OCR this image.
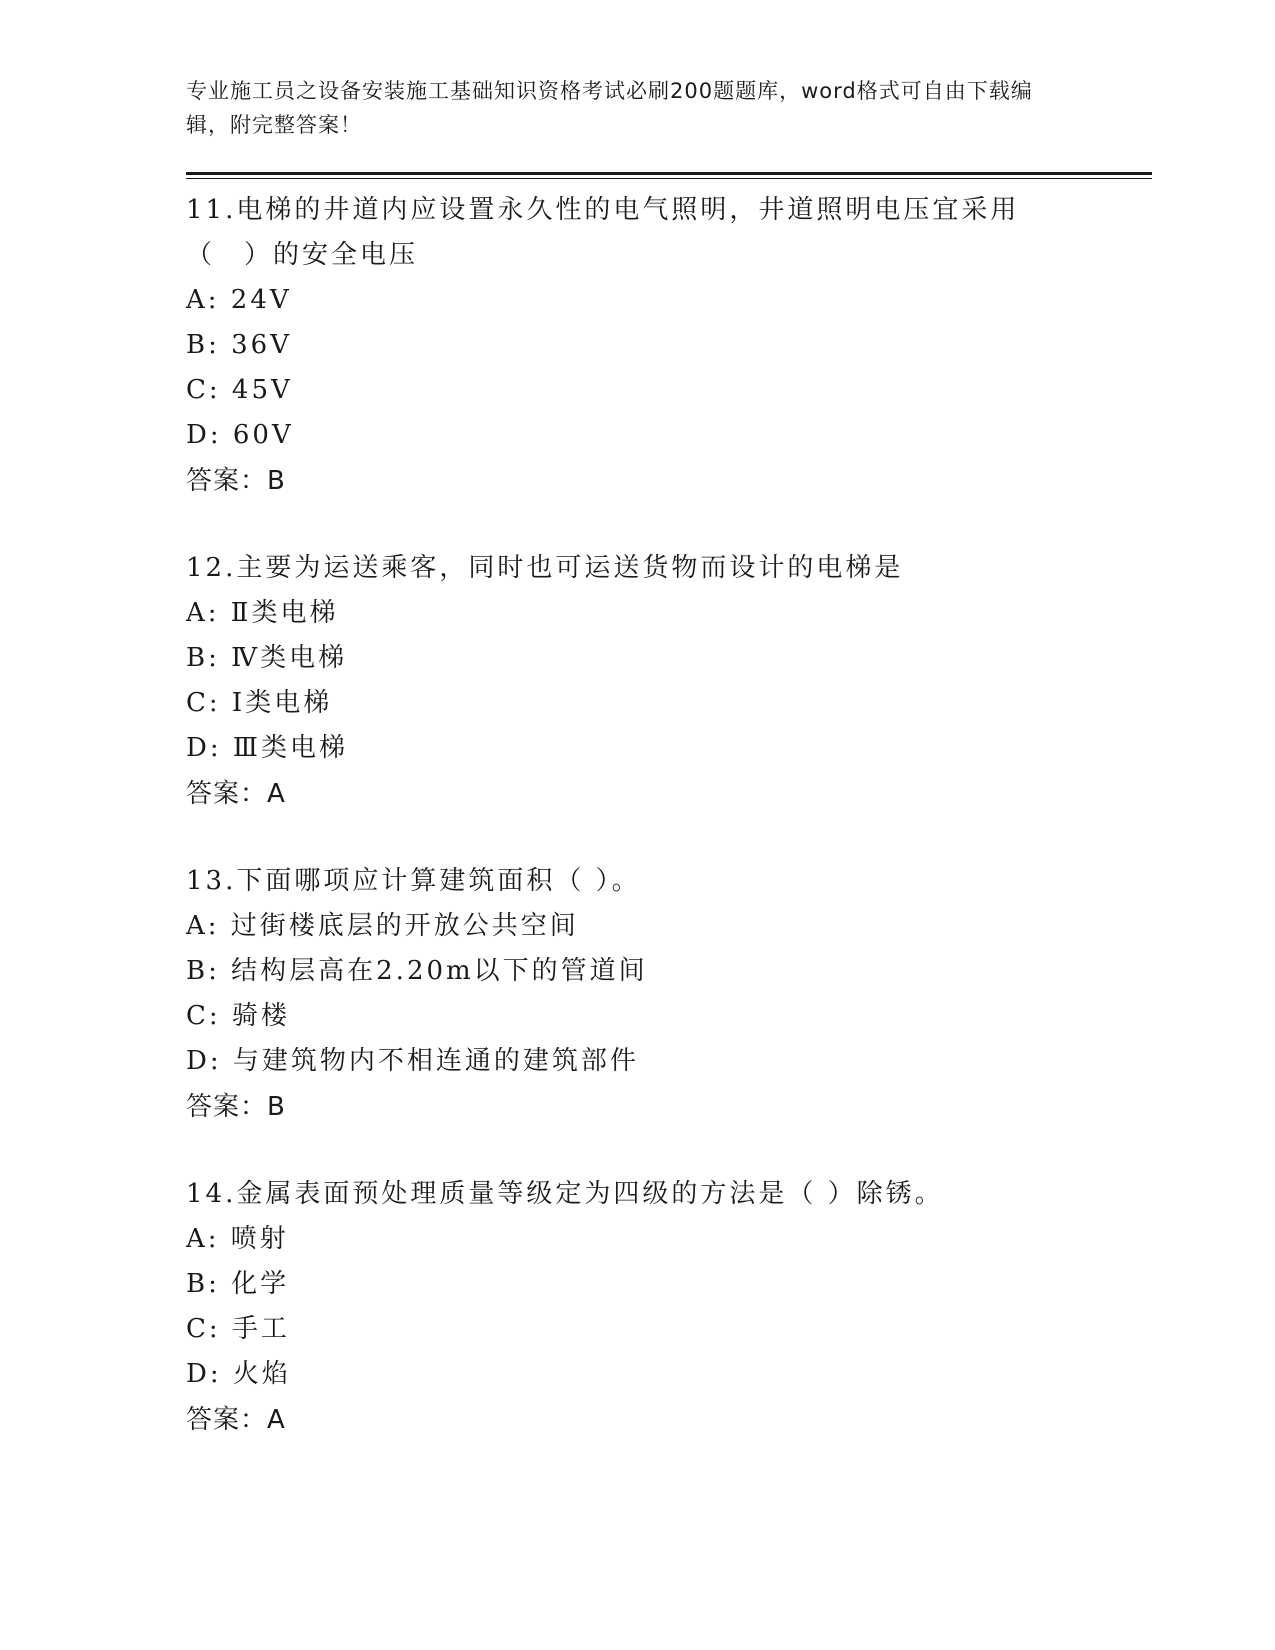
专业施工员之设备安装施工基础知识资格考试必刷200题题库，word格式可自由下载编辑，附完整答案！
11.电梯的井道内应设置永久性的电气照明，井道照明电压宜采用（　）的安全电压
A: 24V
B: 36V
C: 45V
D: 60V
答案：B
12.主要为运送乘客，同时也可运送货物而设计的电梯是
A: Ⅱ类电梯
B: Ⅳ类电梯
C: Ⅰ类电梯
D: Ⅲ类电梯
答案：A
13.下面哪项应计算建筑面积（ ）。
A: 过街楼底层的开放公共空间
B: 结构层高在2.20m以下的管道间
C: 骑楼
D: 与建筑物内不相连通的建筑部件
答案：B
14.金属表面预处理质量等级定为四级的方法是（ ）除锈。
A: 喷射
B: 化学
C: 手工
D: 火焰
答案：A
